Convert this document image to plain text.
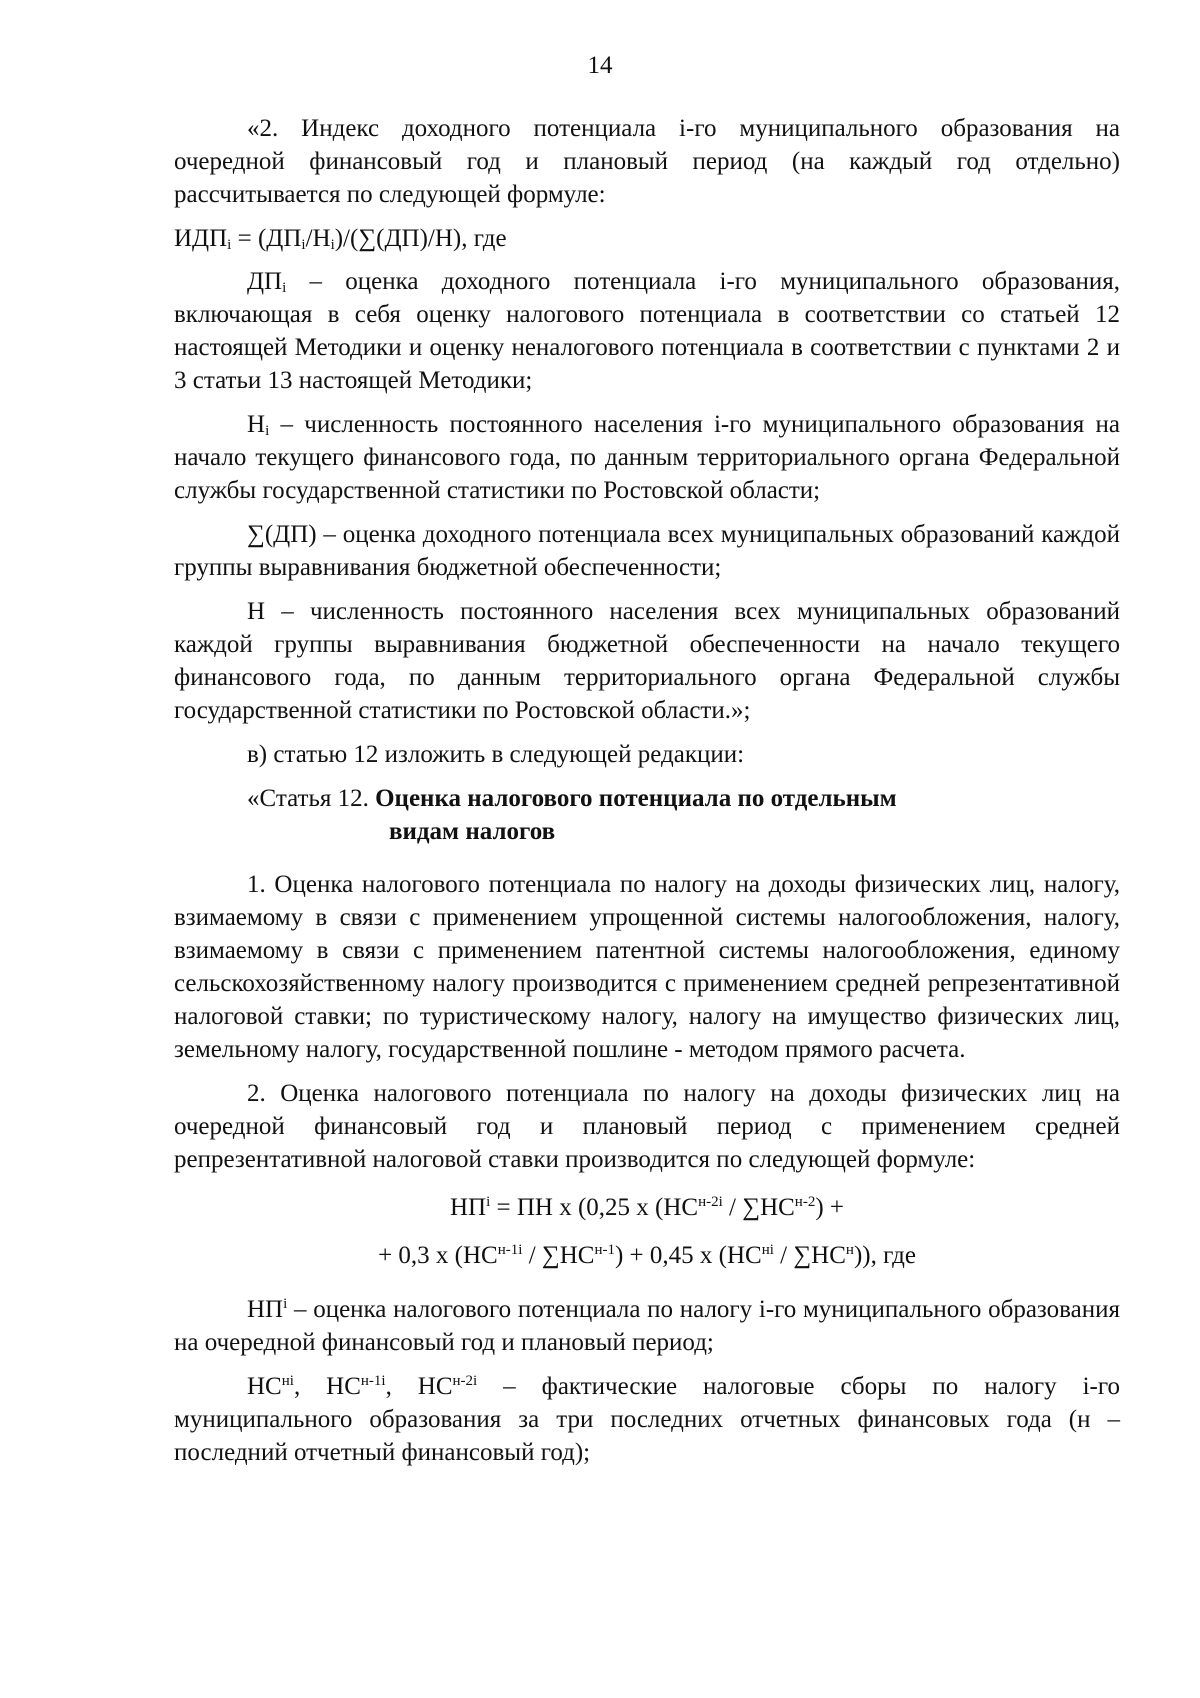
14

«2. Индекс доходного потенциала i-го муниципального образования на очередной финансовый год и плановый период (на каждый год отдельно) рассчитывается по следующей формуле:

$ИДП_i = (ДП_i/Н_i)/(\sum(ДП)/Н)$, где

$ДП_i$ – оценка доходного потенциала i-го муниципального образования, включающая в себя оценку налогового потенциала в соответствии со статьей 12 настоящей Методики и оценку неналогового потенциала в соответствии с пунктами 2 и 3 статьи 13 настоящей Методики;

$Н_i$ – численность постоянного населения i-го муниципального образования на начало текущего финансового года, по данным территориального органа Федеральной службы государственной статистики по Ростовской области;

∑(ДП) – оценка доходного потенциала всех муниципальных образований каждой группы выравнивания бюджетной обеспеченности;

Н – численность постоянного населения всех муниципальных образований каждой группы выравнивания бюджетной обеспеченности на начало текущего финансового года, по данным территориального органа Федеральной службы государственной статистики по Ростовской области.»;

в) статью 12 изложить в следующей редакции:

«Статья 12. Оценка налогового потенциала по отдельным
видам налогов

1. Оценка налогового потенциала по налогу на доходы физических лиц, налогу, взимаемому в связи с применением упрощенной системы налогообложения, налогу, взимаемому в связи с применением патентной системы налогообложения, единому сельскохозяйственному налогу производится с применением средней репрезентативной налоговой ставки; по туристическому налогу, налогу на имущество физических лиц, земельному налогу, государственной пошлине - методом прямого расчета.

2. Оценка налогового потенциала по налогу на доходы физических лиц на очередной финансовый год и плановый период с применением средней репрезентативной налоговой ставки производится по следующей формуле:

$НП^i$ = ПН х (0,25 х $(НС^{н-2i} / \sum НС^{н-2})$ +
+ 0,3 х $(НС^{н-1i} / \sum НС^{н-1}) + 0,45$ х $(НС^{нi} / \sum НС^н)$), где

$НП^i$ – оценка налогового потенциала по налогу i-го муниципального образования на очередной финансовый год и плановый период;

$НС^{нi}$, $НС^{н-1i}$, $НС^{н-2i}$ – фактические налоговые сборы по налогу i-го муниципального образования за три последних отчетных финансовых года (н – последний отчетный финансовый год);
